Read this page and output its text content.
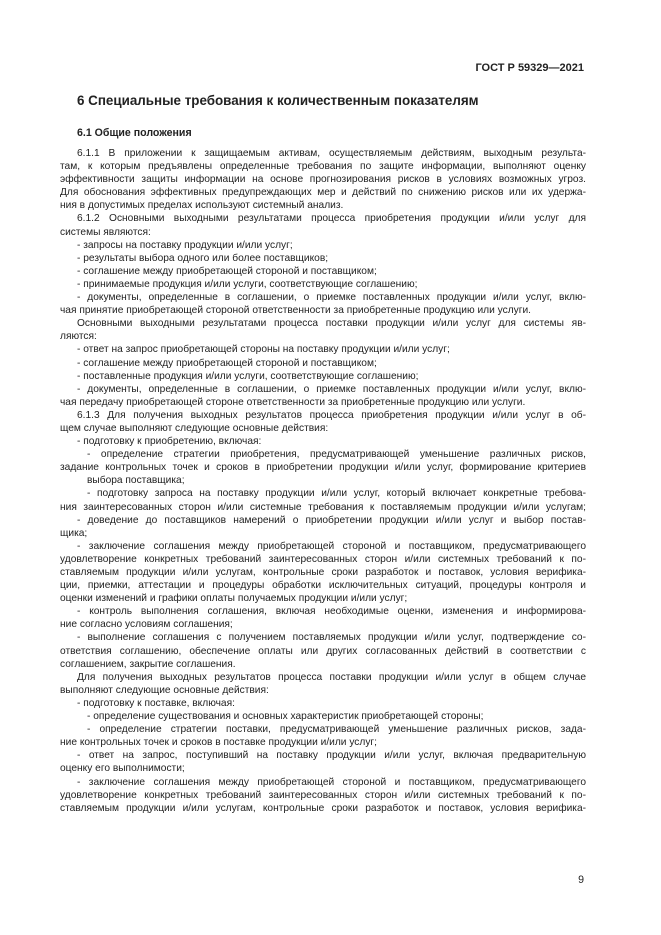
ГОСТ Р 59329—2021
6 Специальные требования к количественным показателям
6.1 Общие положения
6.1.1 В приложении к защищаемым активам, осуществляемым действиям, выходным результа-
там, к которым предъявлены определенные требования по защите информации, выполняют оценку
эффективности защиты информации на основе прогнозирования рисков в условиях возможных угроз.
Для обоснования эффективных предупреждающих мер и действий по снижению рисков или их удержа-
ния в допустимых пределах используют системный анализ.
6.1.2 Основными выходными результатами процесса приобретения продукции и/или услуг для
системы являются:
- запросы на поставку продукции и/или услуг;
- результаты выбора одного или более поставщиков;
- соглашение между приобретающей стороной и поставщиком;
- принимаемые продукция и/или услуги, соответствующие соглашению;
- документы, определенные в соглашении, о приемке поставленных продукции и/или услуг, вклю-
чая принятие приобретающей стороной ответственности за приобретенные продукцию или услуги.
Основными выходными результатами процесса поставки продукции и/или услуг для системы яв-
ляются:
- ответ на запрос приобретающей стороны на поставку продукции и/или услуг;
- соглашение между приобретающей стороной и поставщиком;
- поставленные продукция и/или услуги, соответствующие соглашению;
- документы, определенные в соглашении, о приемке поставленных продукции и/или услуг, вклю-
чая передачу приобретающей стороне ответственности за приобретенные продукцию или услуги.
6.1.3 Для получения выходных результатов процесса приобретения продукции и/или услуг в об-
щем случае выполняют следующие основные действия:
- подготовку к приобретению, включая:
- определение стратегии приобретения, предусматривающей уменьшение различных рисков,
задание контрольных точек и сроков в приобретении продукции и/или услуг, формирование критериев
выбора поставщика;
- подготовку запроса на поставку продукции и/или услуг, который включает конкретные требова-
ния заинтересованных сторон и/или системные требования к поставляемым продукции и/или услугам;
- доведение до поставщиков намерений о приобретении продукции и/или услуг и выбор постав-
щика;
- заключение соглашения между приобретающей стороной и поставщиком, предусматривающего
удовлетворение конкретных требований заинтересованных сторон и/или системных требований к по-
ставляемым продукции и/или услугам, контрольные сроки разработок и поставок, условия верифика-
ции, приемки, аттестации и процедуры обработки исключительных ситуаций, процедуры контроля и
оценки изменений и графики оплаты получаемых продукции и/или услуг;
- контроль выполнения соглашения, включая необходимые оценки, изменения и информирова-
ние согласно условиям соглашения;
- выполнение соглашения с получением поставляемых продукции и/или услуг, подтверждение со-
ответствия соглашению, обеспечение оплаты или других согласованных действий в соответствии с
соглашением, закрытие соглашения.
Для получения выходных результатов процесса поставки продукции и/или услуг в общем случае
выполняют следующие основные действия:
- подготовку к поставке, включая:
- определение существования и основных характеристик приобретающей стороны;
- определение стратегии поставки, предусматривающей уменьшение различных рисков, зада-
ние контрольных точек и сроков в поставке продукции и/или услуг;
- ответ на запрос, поступивший на поставку продукции и/или услуг, включая предварительную
оценку его выполнимости;
- заключение соглашения между приобретающей стороной и поставщиком, предусматривающего
удовлетворение конкретных требований заинтересованных сторон и/или системных требований к по-
ставляемым продукции и/или услугам, контрольные сроки разработок и поставок, условия верифика-
9
